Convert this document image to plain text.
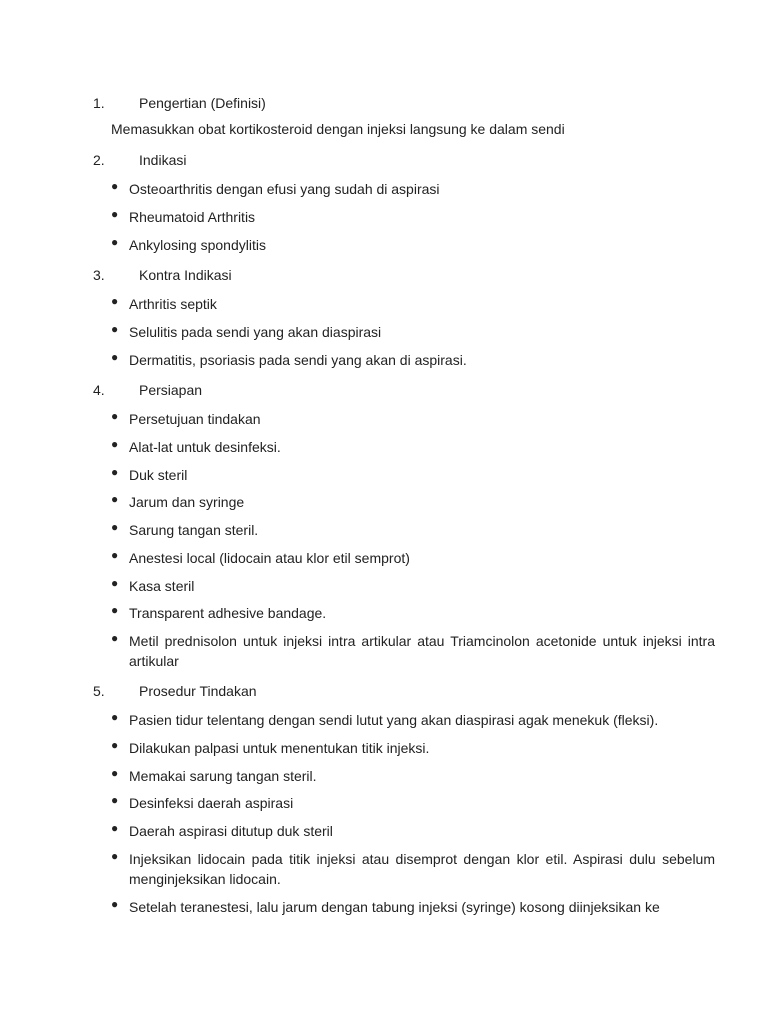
1. Pengertian (Definisi)
Memasukkan obat kortikosteroid dengan injeksi langsung ke dalam sendi
2. Indikasi
● Osteoarthritis dengan efusi yang sudah di aspirasi
● Rheumatoid Arthritis
● Ankylosing spondylitis
3. Kontra Indikasi
● Arthritis septik
● Selulitis pada sendi yang akan diaspirasi
● Dermatitis, psoriasis pada sendi yang akan di aspirasi.
4. Persiapan
● Persetujuan tindakan
● Alat-lat untuk desinfeksi.
● Duk steril
● Jarum dan syringe
● Sarung tangan steril.
● Anestesi local (lidocain atau klor etil semprot)
● Kasa steril
● Transparent adhesive bandage.
● Metil prednisolon untuk injeksi intra artikular atau Triamcinolon acetonide untuk injeksi intra artikular
5. Prosedur Tindakan
● Pasien tidur telentang dengan sendi lutut yang akan diaspirasi agak menekuk (fleksi).
● Dilakukan palpasi untuk menentukan titik injeksi.
● Memakai sarung tangan steril.
● Desinfeksi daerah aspirasi
● Daerah aspirasi ditutup duk steril
● Injeksikan lidocain pada titik injeksi atau disemprot dengan klor etil. Aspirasi dulu sebelum menginjeksikan lidocain.
● Setelah teranestesi, lalu jarum dengan tabung injeksi (syringe) kosong diinjeksikan ke
